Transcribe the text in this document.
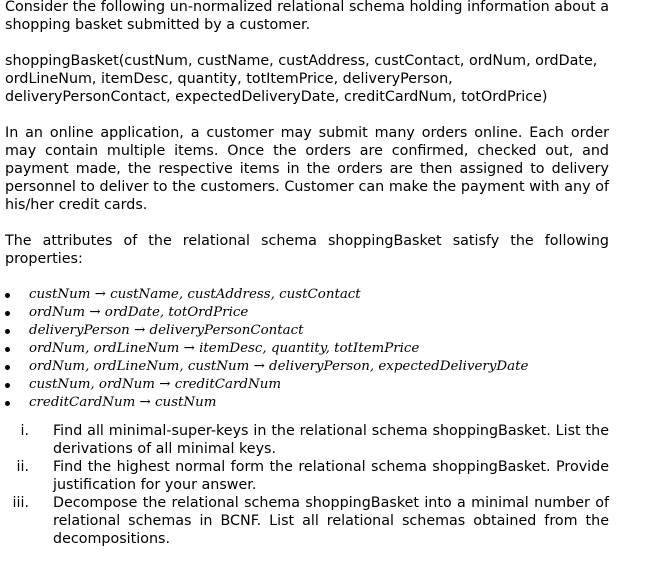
Consider the following un-normalized relational schema holding information about a shopping basket submitted by a customer.

shoppingBasket(custNum, custName, custAddress, custContact, ordNum, ordDate, ordLineNum, itemDesc, quantity, totItemPrice, deliveryPerson, deliveryPersonContact, expectedDeliveryDate, creditCardNum, totOrdPrice)

In an online application, a customer may submit many orders online. Each order may contain multiple items. Once the orders are confirmed, checked out, and payment made, the respective items in the orders are then assigned to delivery personnel to deliver to the customers. Customer can make the payment with any of his/her credit cards.

The attributes of the relational schema shoppingBasket satisfy the following properties:

custNum → custName, custAddress, custContact
ordNum → ordDate, totOrdPrice
deliveryPerson → deliveryPersonContact
ordNum, ordLineNum → itemDesc, quantity, totItemPrice
ordNum, ordLineNum, custNum → deliveryPerson, expectedDeliveryDate
custNum, ordNum → creditCardNum
creditCardNum → custNum
i. Find all minimal-super-keys in the relational schema shoppingBasket. List the derivations of all minimal keys.
ii. Find the highest normal form the relational schema shoppingBasket. Provide justification for your answer.
iii. Decompose the relational schema shoppingBasket into a minimal number of relational schemas in BCNF. List all relational schemas obtained from the decompositions.
